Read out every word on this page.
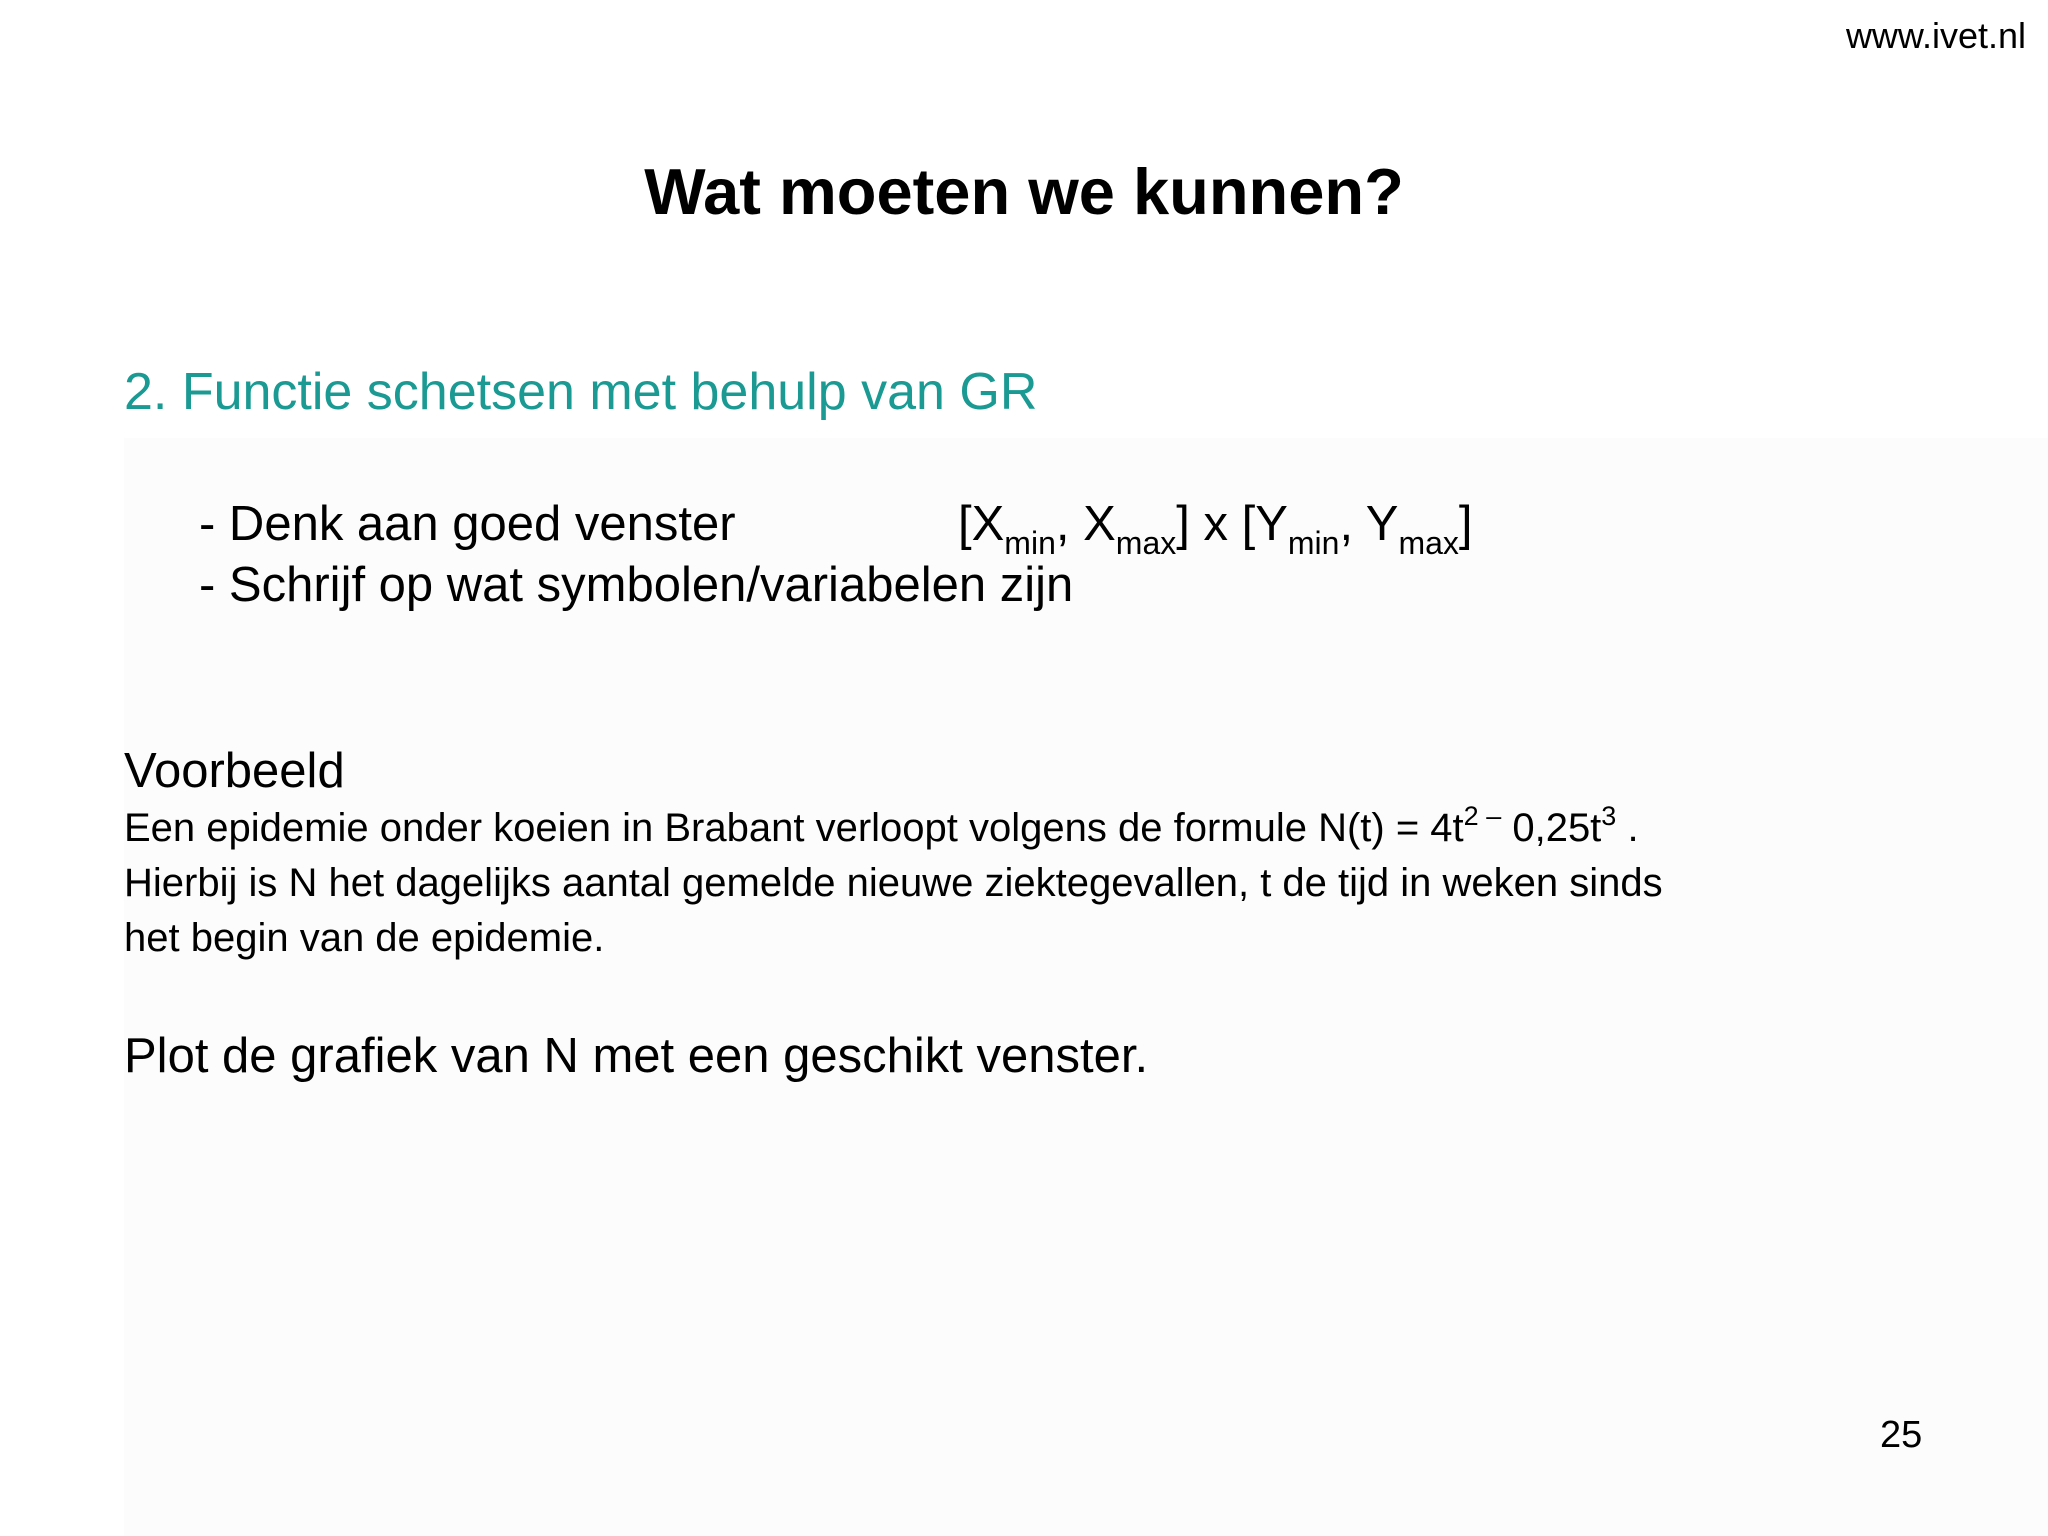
www.ivet.nl
Wat moeten we kunnen?
2. Functie schetsen met behulp van GR
- Denk aan goed venster	[$X_{min}$, $X_{max}$] x [$Y_{min}$, $Y_{max}$]
- Schrijf op wat symbolen/variabelen zijn
Voorbeeld
Een epidemie onder koeien in Brabant verloopt volgens de formule $N(t) = 4t^{2 -}$ $0,25t^3$ .
Hierbij is N het dagelijks aantal gemelde nieuwe ziektegevallen, t de tijd in weken sinds
het begin van de epidemie.
Plot de grafiek van N met een geschikt venster.
25
